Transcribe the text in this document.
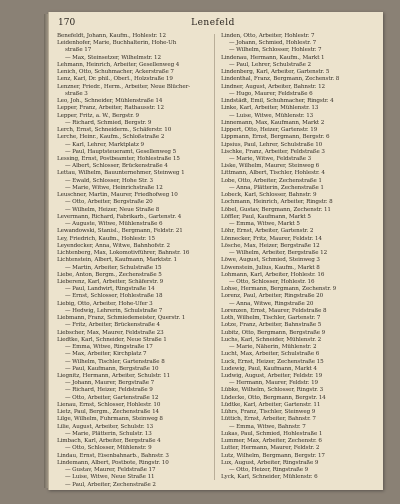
170	Lenefeld
Benefeldt, Johann, Kaufm., Hohlestr. 12
Leidenhofer, Marie, Buchhalterin, Hohe-Uh
straße 17
— Max, Steinsetzer, Wilhelmstr. 12
Lehmann, Heinrich, Arbeiter, Gesellenweg 4
Lenich, Otto, Schuhmacher, Ackerstraße 7
Lenz, Karl, Dr. phil., Oberl., Holzstraße 19
Lenzner, Friedr., Herm., Arbeiter, Neue Blücher-
straße 3
Leo, Joh., Schneider, Mühlenstraße 14
Lepper, Franz, Arbeiter, Rathausstr. 12
Lepper, Fritz, a. W., Bergstr. 9
— Richard, Schmied, Bergstr. 9
Lerch, Ernst, Schneiderm., Schäferstr. 10
Lerche, Heinr., Kaufm., Schloßstraße 2
— Karl, Lehrer, Marktplatz 9
— Paul, Hauptsteueramt, Gesellenweg 5
Lessing, Ernst, Postbeamter, Hohlestraße 15
— Albert, Schlosser, Brückenstraße 4
Lettau, Wilhelm, Bauunternehmer, Steinweg 1
— Ewald, Schlosser, Hohe Str. 3
— Marie, Witwe, Heinrichstraße 12
Leuschner, Martin, Maurer, Friedhofweg 10
— Otto, Arbeiter, Bergstraße 20
— Wilhelm, Heizer, Neue Straße 8
Levermann, Richard, Fabrikarb., Gartenstr. 4
— Auguste, Witwe, Mühlenstraße 6
Lewandowski, Stanisl., Bergmann, Feldstr. 21
Ley, Friedrich, Kaufm., Hohlestr. 15
Leyendecker, Anna, Witwe, Bahnhofstr. 2
Lichtenberg, Max, Lokomotivführer, Bahnstr. 16
Lichtenstein, Albert, Kaufmann, Marktstr. 1
— Martin, Arbeiter, Schulstraße 15
Liebe, Anton, Bergm., Zechenstraße 5
Lieberenz, Karl, Arbeiter, Schäferstr. 9
— Paul, Landwirt, Ringstraße 14
— Ernst, Schlosser, Hohlestraße 18
Liebig, Otto, Arbeiter, Hohe-Ufer 3
— Hedwig, Lehrerin, Schulstraße 7
Liebmann, Franz, Schmiedemeister, Querstr. 1
— Fritz, Arbeiter, Brückenstraße 4
Liebscher, Max, Maurer, Feldstraße 23
Liedtke, Karl, Schneider, Neue Straße 1
— Emma, Witwe, Ringstraße 17
— Max, Arbeiter, Kirchplatz 7
— Wilhelm, Tischler, Gartenstraße 8
— Paul, Kaufmann, Bergstraße 10
Liegnitz, Hermann, Arbeiter, Schulstr. 11
— Johann, Maurer, Bergstraße 7
— Richard, Heizer, Feldstraße 9
— Otto, Arbeiter, Gartenstraße 12
Lienau, Ernst, Schlosser, Hohlestr. 10
Lietz, Paul, Bergm., Zechenstraße 14
Lilge, Wilhelm, Fuhrmann, Steinweg 8
Lilie, August, Arbeiter, Schulstr. 13
— Marie, Plätterin, Schulstr. 13
Limbach, Karl, Arbeiter, Bergstraße 4
— Otto, Schlosser, Mühlenstr. 9
Lindau, Ernst, Eisenbahnarb., Bahnstr. 3
Lindemann, Albert, Postbote, Ringstr. 10
— Gustav, Maurer, Feldstraße 17
— Luise, Witwe, Neue Straße 11
— Paul, Arbeiter, Zechenstraße 2
Linden, Otto, Arbeiter, Hohlestr. 7
— Johann, Schmied, Hohlestr. 7
— Wilhelm, Schlosser, Hohlestr. 7
Lindenau, Hermann, Kaufm., Markt 1
— Paul, Lehrer, Schulstraße 2
Lindenberg, Karl, Arbeiter, Gartenstr. 5
Lindenthal, Franz, Bergmann, Zechenstr. 8
Lindner, August, Arbeiter, Bahnstr. 12
— Hugo, Maurer, Feldstraße 6
Lindstädt, Emil, Schuhmacher, Ringstr. 4
Linke, Karl, Arbeiter, Mühlenstr. 13
— Luise, Witwe, Mühlenstr. 13
Linnemann, Max, Kaufmann, Markt 2
Lippert, Otto, Heizer, Gartenstr. 19
Lippmann, Ernst, Bergmann, Bergstr. 6
Lipsius, Paul, Lehrer, Schulstraße 10
Lischke, Franz, Arbeiter, Feldstraße 3
— Marie, Witwe, Feldstraße 3
Liske, Wilhelm, Maurer, Steinweg 6
Littmann, Albert, Tischler, Hohlestr. 4
Lobe, Otto, Arbeiter, Zechenstraße 1
— Anna, Plätterin, Zechenstraße 1
Lobeck, Karl, Schlosser, Bahnstr. 9
Lochmann, Heinrich, Arbeiter, Ringstr. 8
Löbel, Gustav, Bergmann, Zechenstr. 11
Löffler, Paul, Kaufmann, Markt 5
— Emma, Witwe, Markt 5
Löhr, Ernst, Arbeiter, Gartenstr. 2
Lönnecker, Fritz, Maurer, Feldstr. 14
Lösche, Max, Heizer, Bergstraße 12
— Wilhelm, Arbeiter, Bergstraße 12
Löwe, August, Schmied, Steinweg 3
Löwenstein, Julius, Kaufm., Markt 8
Lohmann, Karl, Arbeiter, Hohlestr. 16
— Otto, Schlosser, Hohlestr. 16
Lohse, Hermann, Bergmann, Zechenstr. 9
Lorenz, Paul, Arbeiter, Ringstraße 20
— Anna, Witwe, Ringstraße 20
Lorenzen, Ernst, Maurer, Feldstraße 8
Loth, Wilhelm, Tischler, Gartenstr. 7
Lotze, Franz, Arbeiter, Bahnstraße 5
Lubitz, Otto, Bergmann, Bergstraße 9
Luchs, Karl, Schneider, Mühlenstr. 2
— Marie, Näherin, Mühlenstr. 2
Lucht, Max, Arbeiter, Schulstraße 6
Luck, Ernst, Heizer, Zechenstraße 15
Ludewig, Paul, Kaufmann, Markt 4
Ludwig, August, Arbeiter, Feldstr. 19
— Hermann, Maurer, Feldstr. 19
Lübke, Wilhelm, Schlosser, Ringstr. 3
Lüdecke, Otto, Bergmann, Bergstr. 14
Lüdtke, Karl, Arbeiter, Gartenstr. 11
Lührs, Franz, Tischler, Steinweg 9
Lüttich, Ernst, Arbeiter, Bahnstr. 7
— Emma, Witwe, Bahnstr. 7
Lukas, Paul, Schmied, Hohlestraße 1
Lummer, Max, Arbeiter, Zechenstr. 6
Lutter, Hermann, Maurer, Feldstr. 2
Lutz, Wilhelm, Bergmann, Bergstr. 17
Lux, August, Arbeiter, Ringstraße 9
— Otto, Heizer, Ringstraße 9
Lyck, Karl, Schneider, Mühlenstr. 6
